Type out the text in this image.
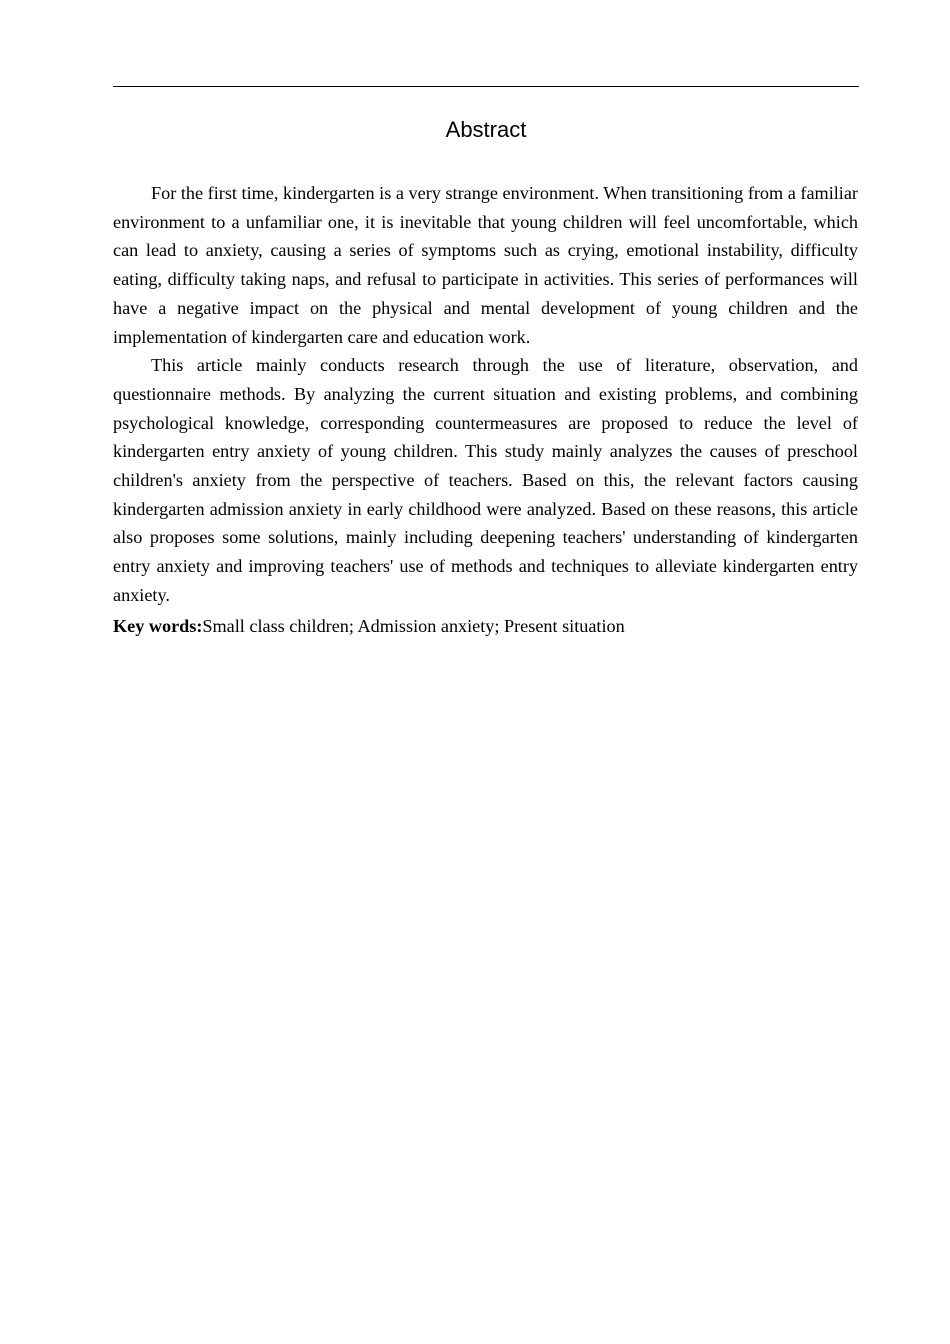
Abstract

For the first time, kindergarten is a very strange environment. When transitioning from a familiar environment to a unfamiliar one, it is inevitable that young children will feel uncomfortable, which can lead to anxiety, causing a series of symptoms such as crying, emotional instability, difficulty eating, difficulty taking naps, and refusal to participate in activities. This series of performances will have a negative impact on the physical and mental development of young children and the implementation of kindergarten care and education work.

This article mainly conducts research through the use of literature, observation, and questionnaire methods. By analyzing the current situation and existing problems, and combining psychological knowledge, corresponding countermeasures are proposed to reduce the level of kindergarten entry anxiety of young children. This study mainly analyzes the causes of preschool children's anxiety from the perspective of teachers. Based on this, the relevant factors causing kindergarten admission anxiety in early childhood were analyzed. Based on these reasons, this article also proposes some solutions, mainly including deepening teachers' understanding of kindergarten entry anxiety and improving teachers' use of methods and techniques to alleviate kindergarten entry anxiety.

Key words:Small class children; Admission anxiety; Present situation
